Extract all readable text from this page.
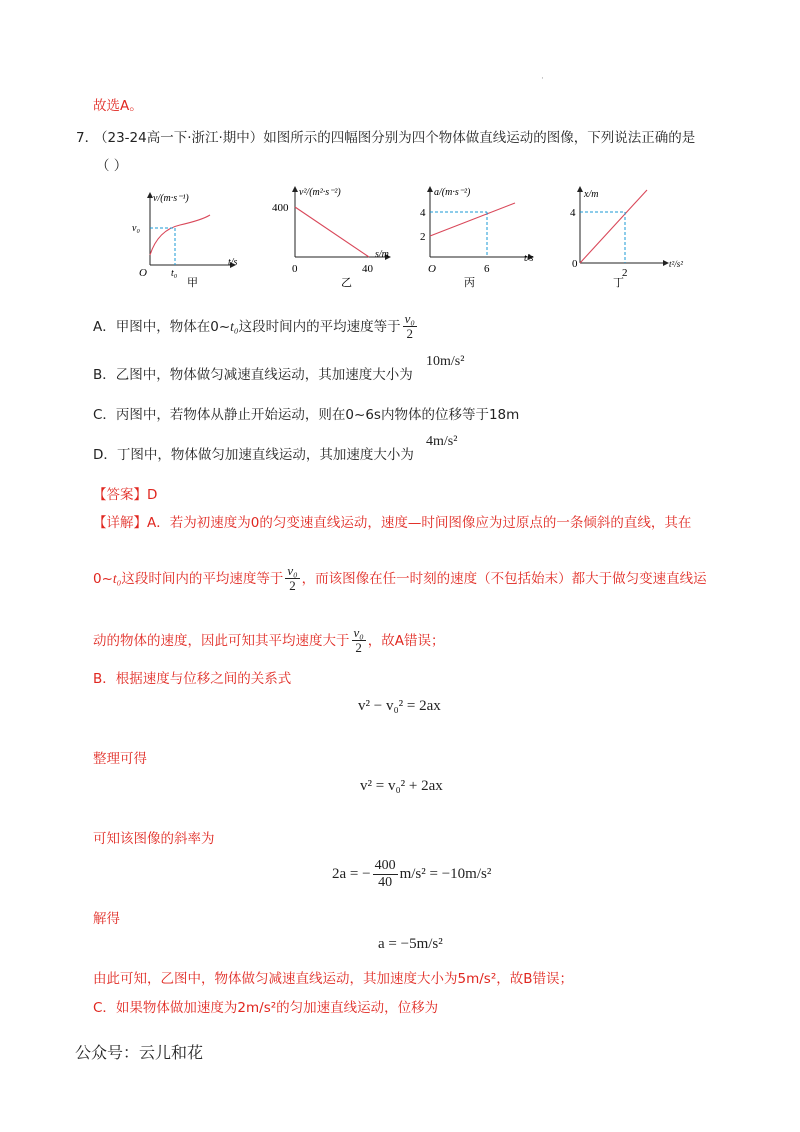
·
故选A。
7．
（23-24高一下·浙江·期中）如图所示的四幅图分别为四个物体做直线运动的图像，下列说法正确的是
（ ）
v/(m·s⁻¹)
t/s
O
v₀
t₀
甲
v²/(m²·s⁻²)
s/m
0
400
40
乙
a/(m·s⁻²)
t/s
O
4
2
6
丙
x/m
t²/s²
0
4
2
丁
A．甲图中，物体在0~ t₀ 这段时间内的平均速度等于 $\frac{\text{v₀}}{2}$
B．乙图中，物体做匀减速直线运动，其加速度大小为
10m/s²
C．丙图中，若物体从静止开始运动，则在0~6s内物体的位移等于18m
D．丁图中，物体做匀加速直线运动，其加速度大小为
4m/s²
【答案】D
【详解】A．若为初速度为0的匀变速直线运动，速度—时间图像应为过原点的一条倾斜的直线，其在
0~ t₀ 这段时间内的平均速度等于 $\frac{\text{v₀}}{2}$ ，而该图像在任一时刻的速度（不包括始末）都大于做匀变速直线运
动的物体的速度，因此可知其平均速度大于 $\frac{\text{v₀}}{2}$ ，故A错误；
B．根据速度与位移之间的关系式
v² − v₀² = 2ax
整理可得
v² = v₀² + 2ax
可知该图像的斜率为
2a = − $\frac{400}{40} m/s^2 = -10m/s^2$
解得
a = −5m/s²
由此可知，乙图中，物体做匀减速直线运动，其加速度大小为5m/s²，故B错误；
C．如果物体做加速度为2m/s²的匀加速直线运动，位移为
公众号：云儿和花
